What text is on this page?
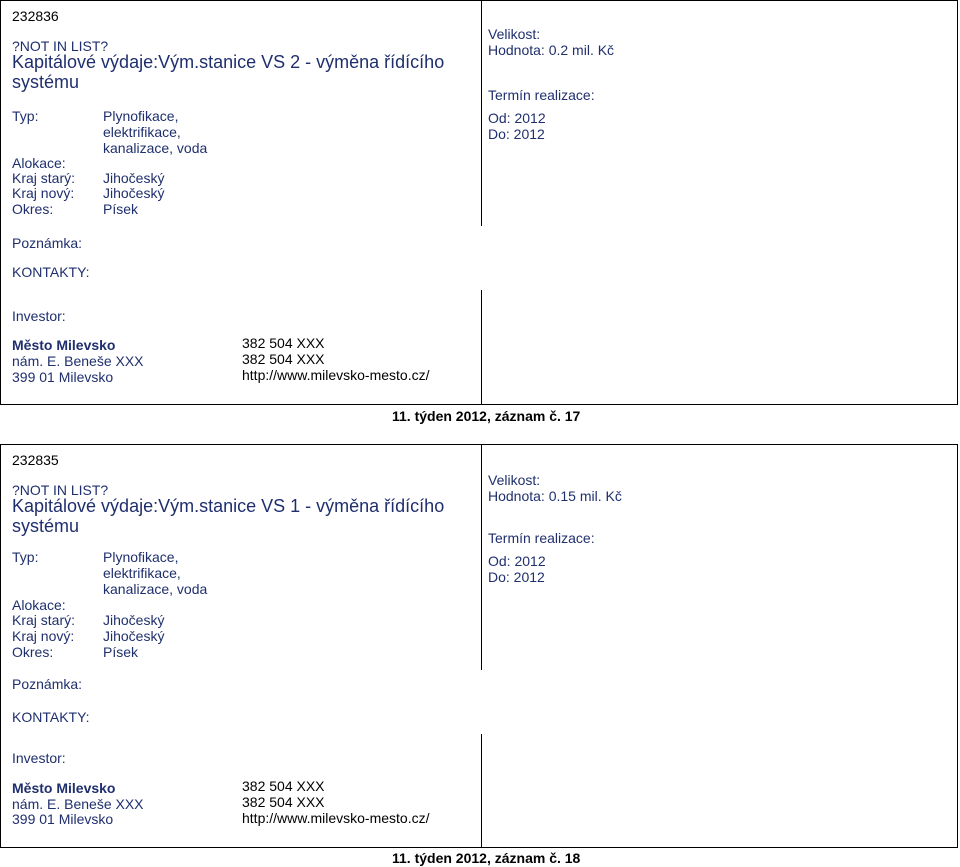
232836
?NOT IN LIST?
Kapitálové výdaje:Vým.stanice VS 2 - výměna řídícího
systému
Typ:	Plynofikace,
elektrifikace,
kanalizace, voda
Alokace:
Kraj starý: Jihočeský
Kraj nový: Jihočeský
Okres:	Písek
Velikost:
Hodnota: 0.2 mil. Kč
Termín realizace:
Od: 2012
Do: 2012
Poznámka:
KONTAKTY:
Investor:
Město Milevsko
nám. E. Beneše XXX
399 01 Milevsko
382 504 XXX
382 504 XXX
http://www.milevsko-mesto.cz/
11. týden 2012, záznam č. 17
232835
?NOT IN LIST?
Kapitálové výdaje:Vým.stanice VS 1 - výměna řídícího
systému
Typ:	Plynofikace,
elektrifikace,
kanalizace, voda
Alokace:
Kraj starý: Jihočeský
Kraj nový: Jihočeský
Okres:	Písek
Velikost:
Hodnota: 0.15 mil. Kč
Termín realizace:
Od: 2012
Do: 2012
Poznámka:
KONTAKTY:
Investor:
Město Milevsko
nám. E. Beneše XXX
399 01 Milevsko
382 504 XXX
382 504 XXX
http://www.milevsko-mesto.cz/
11. týden 2012, záznam č. 18
